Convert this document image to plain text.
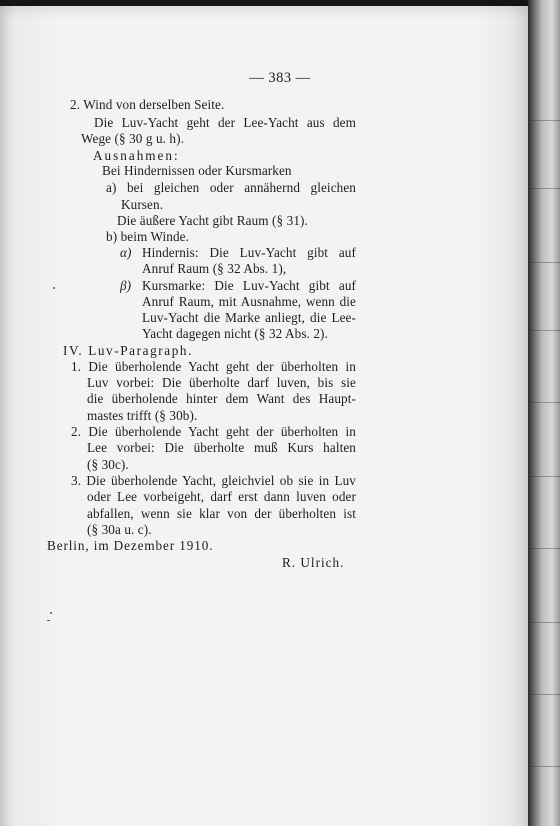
— 383 —
2. Wind von derselben Seite.
Die Luv-Yacht geht der Lee-Yacht aus dem
Wege (§ 30 g u. h).
Ausnahmen:
Bei Hindernissen oder Kursmarken
a) bei gleichen oder annähernd gleichen
Kursen.
Die äußere Yacht gibt Raum (§ 31).
b) beim Winde.
α) Hindernis: Die Luv-Yacht gibt auf
Anruf Raum (§ 32 Abs. 1),
β) Kursmarke: Die Luv-Yacht gibt auf
Anruf Raum, mit Ausnahme, wenn die
Luv-Yacht die Marke anliegt, die Lee-
Yacht dagegen nicht (§ 32 Abs. 2).
IV. Luv-Paragraph.
1. Die überholende Yacht geht der überholten in
Luv vorbei: Die überholte darf luven, bis sie
die überholende hinter dem Want des Haupt-
mastes trifft (§ 30b).
2. Die überholende Yacht geht der überholten in
Lee vorbei: Die überholte muß Kurs halten
(§ 30c).
3. Die überholende Yacht, gleichviel ob sie in Luv
oder Lee vorbeigeht, darf erst dann luven oder
abfallen, wenn sie klar von der überholten ist
(§ 30a u. c).
Berlin, im Dezember 1910.
R. Ulrich.
